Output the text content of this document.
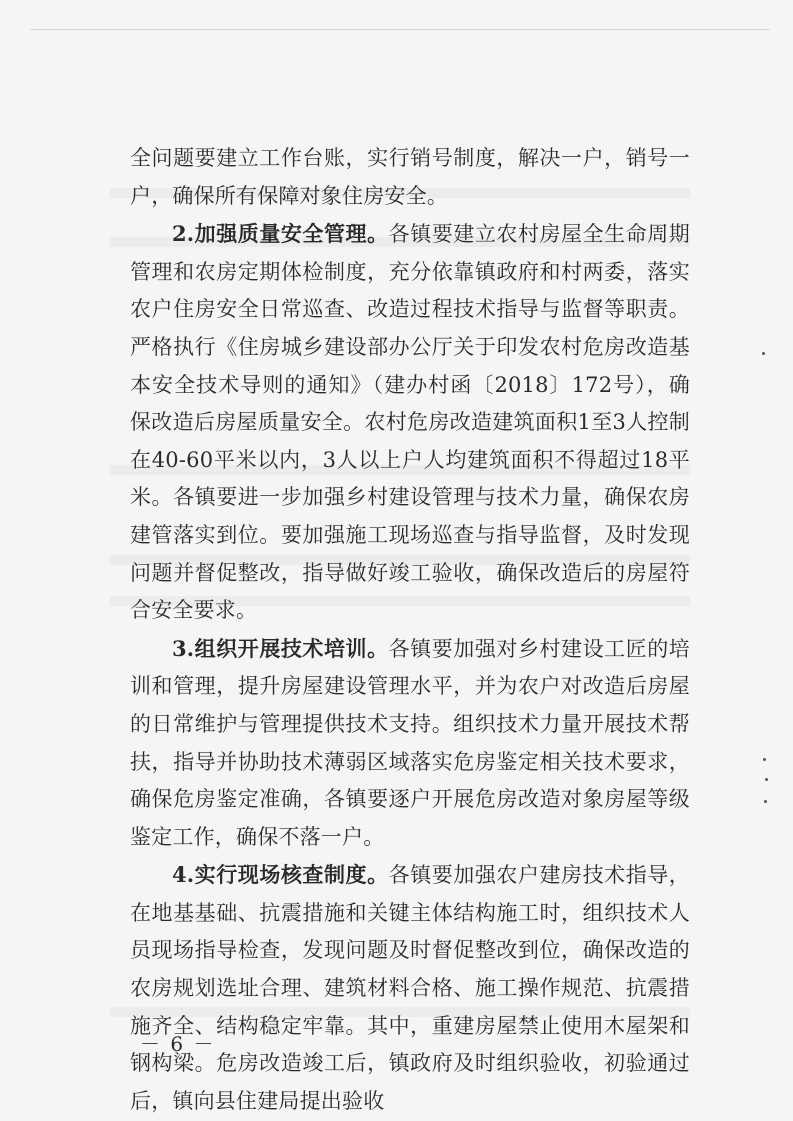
全问题要建立工作台账，实行销号制度，解决一户，销号一户，确保所有保障对象住房安全。

2.加强质量安全管理。各镇要建立农村房屋全生命周期管理和农房定期体检制度，充分依靠镇政府和村两委，落实农户住房安全日常巡查、改造过程技术指导与监督等职责。严格执行《住房城乡建设部办公厅关于印发农村危房改造基本安全技术导则的通知》（建办村函〔2018〕172号），确保改造后房屋质量安全。农村危房改造建筑面积1至3人控制在40-60平米以内，3人以上户人均建筑面积不得超过18平米。各镇要进一步加强乡村建设管理与技术力量，确保农房建管落实到位。要加强施工现场巡查与指导监督，及时发现问题并督促整改，指导做好竣工验收，确保改造后的房屋符合安全要求。

3.组织开展技术培训。各镇要加强对乡村建设工匠的培训和管理，提升房屋建设管理水平，并为农户对改造后房屋的日常维护与管理提供技术支持。组织技术力量开展技术帮扶，指导并协助技术薄弱区域落实危房鉴定相关技术要求，确保危房鉴定准确，各镇要逐户开展危房改造对象房屋等级鉴定工作，确保不落一户。

4.实行现场核查制度。各镇要加强农户建房技术指导，在地基基础、抗震措施和关键主体结构施工时，组织技术人员现场指导检查，发现问题及时督促整改到位，确保改造的农房规划选址合理、建筑材料合格、施工操作规范、抗震措施齐全、结构稳定牢靠。其中，重建房屋禁止使用木屋架和钢构梁。危房改造竣工后，镇政府及时组织验收，初验通过后，镇向县住建局提出验收

－ 6 －
